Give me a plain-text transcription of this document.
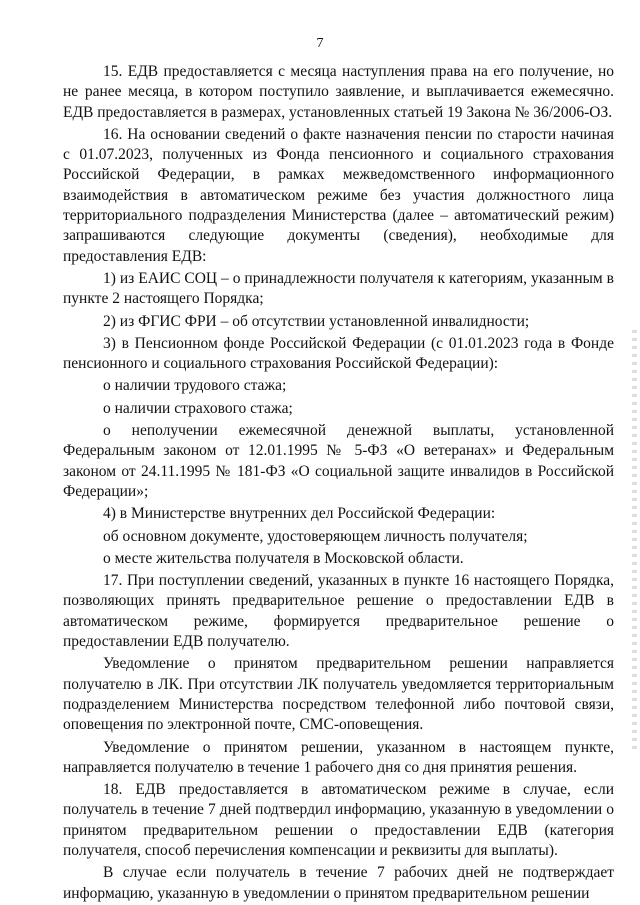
7

15. ЕДВ предоставляется с месяца наступления права на его получение, но не ранее месяца, в котором поступило заявление, и выплачивается ежемесячно. ЕДВ предоставляется в размерах, установленных статьей 19 Закона № 36/2006-ОЗ.

16. На основании сведений о факте назначения пенсии по старости начиная с 01.07.2023, полученных из Фонда пенсионного и социального страхования Российской Федерации, в рамках межведомственного информационного взаимодействия в автоматическом режиме без участия должностного лица территориального подразделения Министерства (далее – автоматический режим) запрашиваются следующие документы (сведения), необходимые для предоставления ЕДВ:

1) из ЕАИС СОЦ – о принадлежности получателя к категориям, указанным в пункте 2 настоящего Порядка;

2) из ФГИС ФРИ – об отсутствии установленной инвалидности;

3) в Пенсионном фонде Российской Федерации (с 01.01.2023 года в Фонде пенсионного и социального страхования Российской Федерации):

о наличии трудового стажа;

о наличии страхового стажа;

о неполучении ежемесячной денежной выплаты, установленной Федеральным законом от 12.01.1995 № 5-ФЗ «О ветеранах» и Федеральным законом от 24.11.1995 № 181-ФЗ «О социальной защите инвалидов в Российской Федерации»;

4) в Министерстве внутренних дел Российской Федерации:

об основном документе, удостоверяющем личность получателя;

о месте жительства получателя в Московской области.

17. При поступлении сведений, указанных в пункте 16 настоящего Порядка, позволяющих принять предварительное решение о предоставлении ЕДВ в автоматическом режиме, формируется предварительное решение о предоставлении ЕДВ получателю.

Уведомление о принятом предварительном решении направляется получателю в ЛК. При отсутствии ЛК получатель уведомляется территориальным подразделением Министерства посредством телефонной либо почтовой связи, оповещения по электронной почте, СМС-оповещения.

Уведомление о принятом решении, указанном в настоящем пункте, направляется получателю в течение 1 рабочего дня со дня принятия решения.

18. ЕДВ предоставляется в автоматическом режиме в случае, если получатель в течение 7 дней подтвердил информацию, указанную в уведомлении о принятом предварительном решении о предоставлении ЕДВ (категория получателя, способ перечисления компенсации и реквизиты для выплаты).

В случае если получатель в течение 7 рабочих дней не подтверждает информацию, указанную в уведомлении о принятом предварительном решении
